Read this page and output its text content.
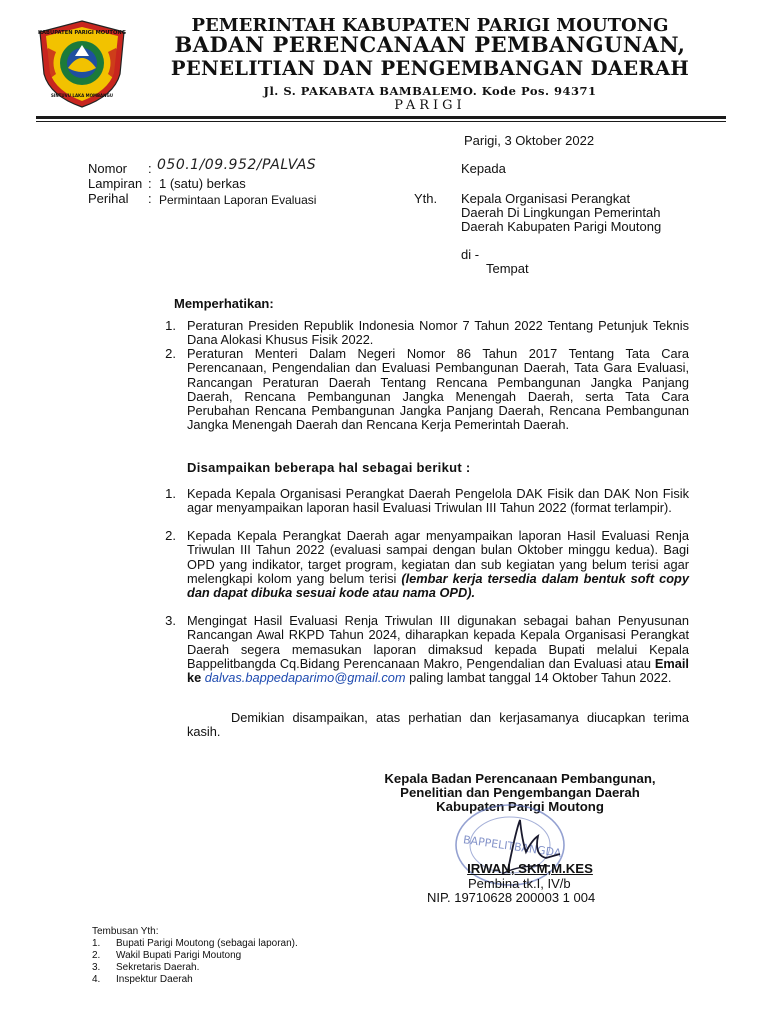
KABUPATEN PARIGI MOUTONG
SINTUVU LAKA MOMBANGU
PEMERINTAH KABUPATEN PARIGI MOUTONG
BADAN PERENCANAAN PEMBANGUNAN,
PENELITIAN DAN PENGEMBANGAN DAERAH
Jl. S. PAKABATA BAMBALEMO. Kode Pos. 94371
PARIGI
Parigi, 3 Oktober 2022
Nomor : 050.1/09.952/PALVAS
Lampiran : 1 (satu) berkas
Perihal : Permintaan Laporan Evaluasi
Kepada
Yth. Kepala Organisasi Perangkat
Daerah Di Lingkungan Pemerintah
Daerah Kabupaten Parigi Moutong
di -
Tempat
Memperhatikan:
1. Peraturan Presiden Republik Indonesia Nomor 7 Tahun 2022 Tentang Petunjuk Teknis Dana Alokasi Khusus Fisik 2022.
2. Peraturan Menteri Dalam Negeri Nomor 86 Tahun 2017 Tentang Tata Cara Perencanaan, Pengendalian dan Evaluasi Pembangunan Daerah, Tata Gara Evaluasi, Rancangan Peraturan Daerah Tentang Rencana Pembangunan Jangka Panjang Daerah, Rencana Pembangunan Jangka Menengah Daerah, serta Tata Cara Perubahan Rencana Pembangunan Jangka Panjang Daerah, Rencana Pembangunan Jangka Menengah Daerah dan Rencana Kerja Pemerintah Daerah.
Disampaikan beberapa hal sebagai berikut :
1. Kepada Kepala Organisasi Perangkat Daerah Pengelola DAK Fisik dan DAK Non Fisik agar menyampaikan laporan hasil Evaluasi Triwulan III Tahun 2022 (format terlampir).
2. Kepada Kepala Perangkat Daerah agar menyampaikan laporan Hasil Evaluasi Renja Triwulan III Tahun 2022 (evaluasi sampai dengan bulan Oktober minggu kedua). Bagi OPD yang indikator, target program, kegiatan dan sub kegiatan yang belum terisi agar melengkapi kolom yang belum terisi (lembar kerja tersedia dalam bentuk soft copy dan dapat dibuka sesuai kode atau nama OPD).
3. Mengingat Hasil Evaluasi Renja Triwulan III digunakan sebagai bahan Penyusunan Rancangan Awal RKPD Tahun 2024, diharapkan kepada Kepala Organisasi Perangkat Daerah segera memasukan laporan dimaksud kepada Bupati melalui Kepala Bappelitbangda Cq.Bidang Perencanaan Makro, Pengendalian dan Evaluasi atau Email ke dalvas.bappedaparimo@gmail.com paling lambat tanggal 14 Oktober Tahun 2022.
Demikian disampaikan, atas perhatian dan kerjasamanya diucapkan terima kasih.
Kepala Badan Perencanaan Pembangunan,
Penelitian dan Pengembangan Daerah
Kabupaten Parigi Moutong
BAPPELITBANGDA
IRWAN, SKM,M.KES
Pembina tk.I, IV/b
NIP. 19710628 200003 1 004
Tembusan Yth:
1.	Bupati Parigi Moutong (sebagai laporan).
2.	Wakil Bupati Parigi Moutong
3.	Sekretaris Daerah.
4.	Inspektur Daerah
